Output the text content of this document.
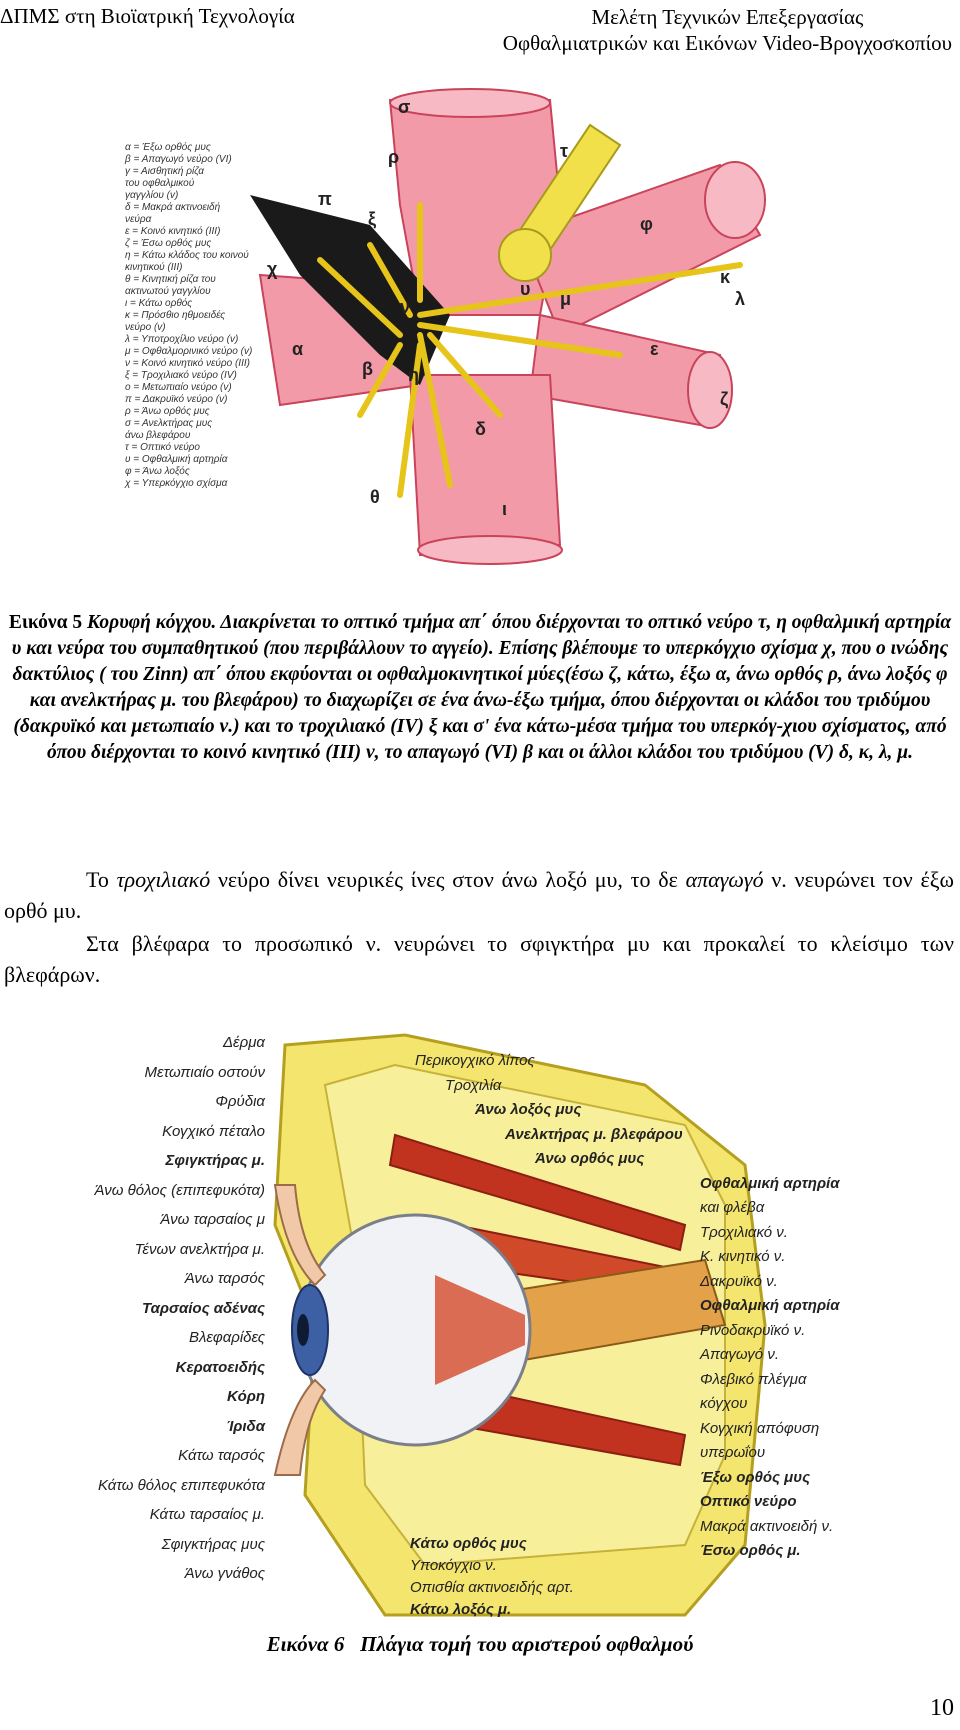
ΔΠΜΣ στη Βιοϊατρική Τεχνολογία	Μελέτη Τεχνικών Επεξεργασίας
Οφθαλμιατρικών και Εικόνων Video-Βρογχοσκοπίου
σ
ρ	τ
π
ξ	φ
χ
υ
κ
μ	λ
ν
α
β η
ε
ζ
δ
θ
ι
α = Έξω ορθός μυς
β = Απαγωγό νεύρο (VI)
γ = Αισθητική ρίζα
του οφθαλμικού
γαγγλίου (v)
δ = Μακρά ακτινοειδή
νεύρα
ε = Κοινό κινητικό (III)
ζ = Έσω ορθός μυς
η = Κάτω κλάδος του κοινού
κινητικού (III)
θ = Κινητική ρίζα του
ακτινωτού γαγγλίου
ι = Κάτω ορθός
κ = Πρόσθιο ηθμοειδές
νεύρο (v)
λ = Υποτροχίλιο νεύρο (v)
μ = Οφθαλμορινικό νεύρο (v)
ν = Κοινό κινητικό νεύρο (III)
ξ = Τροχιλιακό νεύρο (IV)
ο = Μετωπιαίο νεύρο (v)
π = Δακρυϊκό νεύρο (v)
ρ = Άνω ορθός μυς
σ = Ανελκτήρας μυς
άνω βλεφάρου
τ = Οπτικό νεύρο
υ = Οφθαλμική αρτηρία
φ = Άνω λοξός
χ = Υπερκόγχιο σχίσμα
Εικόνα 5 Κορυφή κόγχου. Διακρίνεται το οπτικό τμήμα απ΄ όπου διέρχονται το οπτικό νεύρο τ, η οφθαλμική αρτηρία υ και νεύρα του συμπαθητικού (που περιβάλλουν το αγγείο). Επίσης βλέπουμε το υπερκόγχιο σχίσμα χ, που ο ινώδης δακτύλιος ( του Zinn) απ΄ όπου εκφύονται οι οφθαλμοκινητικοί μύες(έσω ζ, κάτω, έξω α, άνω ορθός ρ, άνω λοξός φ και ανελκτήρας μ. του βλεφάρου) το διαχωρίζει σε ένα άνω-έξω τμήμα, όπου διέρχονται οι κλάδοι του τριδύμου (δακρυϊκό και μετωπιαίο ν.) και το τροχιλιακό (IV) ξ και σ' ένα κάτω-μέσα τμήμα του υπερκόγ-χιου σχίσματος, από όπου διέρχονται το κοινό κινητικό (III) ν, το απαγωγό (VI) β και οι άλλοι κλάδοι του τριδύμου (V) δ, κ, λ, μ.
Το τροχιλιακό νεύρο δίνει νευρικές ίνες στον άνω λοξό μυ, το δε απαγωγό ν. νευρώνει τον έξω ορθό μυ.
Στα βλέφαρα το προσωπικό ν. νευρώνει το σφιγκτήρα μυ και προκαλεί το κλείσιμο των βλεφάρων.
Δέρμα
Μετωπιαίο οστούν
Φρύδια
Κογχικό πέταλο
Σφιγκτήρας μ.
Άνω θόλος (επιπεφυκότα)
Άνω ταρσαίος μ
Τένων ανελκτήρα μ.
Άνω ταρσός
Ταρσαίος αδένας
Βλεφαρίδες
Κερατοειδής
Κόρη
Ίριδα
Κάτω ταρσός
Κάτω θόλος επιπεφυκότα
Κάτω ταρσαίος μ.
Σφιγκτήρας μυς
Άνω γνάθος
Περικογχικό λίπος
Τροχιλία
Άνω λοξός μυς
Ανελκτήρας μ. βλεφάρου
Άνω ορθός μυς
Οφθαλμική αρτηρία
και φλέβα
Τροχιλιακό ν.
Κ. κινητικό ν.
Δακρυϊκό ν.
Οφθαλμική αρτηρία
Ρινοδακρυϊκό ν.
Απαγωγό ν.
Φλεβικό πλέγμα
κόγχου
Κογχική απόφυση
υπερωΐου
Έξω ορθός μυς
Οπτικό νεύρο
Μακρά ακτινοειδή ν.
Έσω ορθός μ.
Κάτω ορθός μυς
Υποκόγχιο ν.
Οπισθία ακτινοειδής αρτ.
Κάτω λοξός μ.
Εικόνα 6 Πλάγια τομή του αριστερού οφθαλμού
10
